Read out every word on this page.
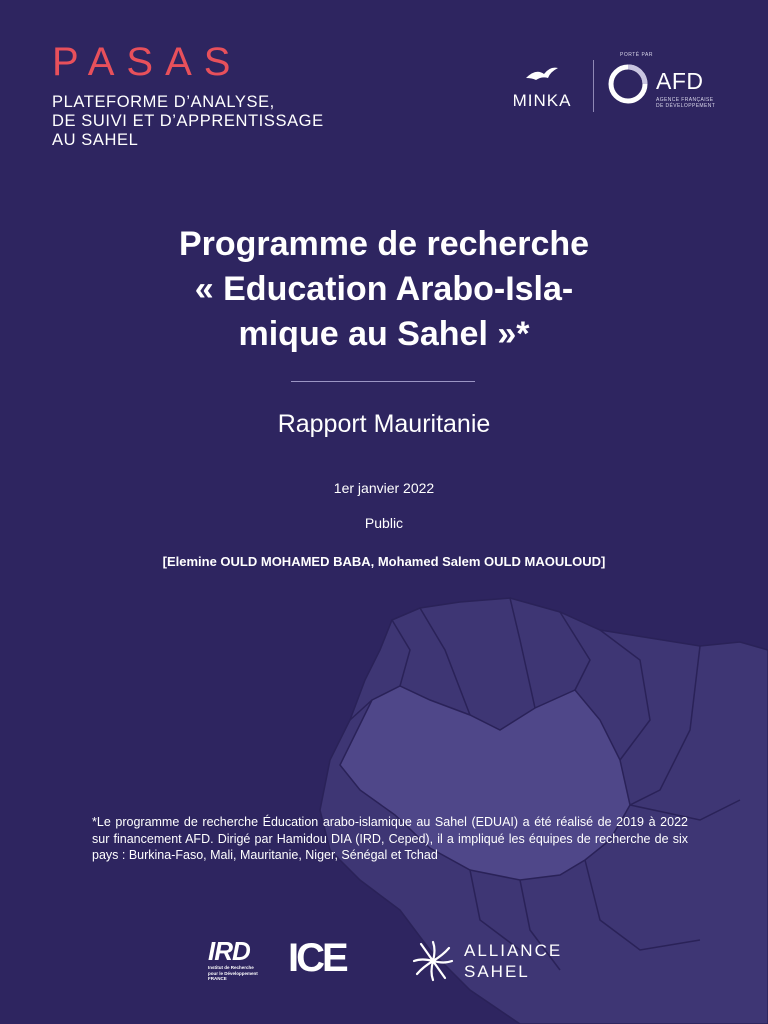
PASAS
PLATEFORME D’ANALYSE,
DE SUIVI ET D’APPRENTISSAGE
AU SAHEL
MINKA
PORTÉ PAR
AFD
AGENCE FRANÇAISE
DE DÉVELOPPEMENT
Programme de recherche
« Education Arabo-Isla-
mique au Sahel »*
Rapport Mauritanie
1er janvier 2022
Public
[Elemine OULD MOHAMED BABA, Mohamed Salem OULD MAOULOUD]
*Le programme de recherche Éducation arabo-islamique au Sahel (EDUAI) a été réalisé de 2019 à 2022 sur financement AFD. Dirigé par Hamidou DIA (IRD, Ceped), il a impliqué les équipes de recherche de six pays : Burkina-Faso, Mali, Mauritanie, Niger, Sénégal et Tchad
IRD
Institut de Recherche
pour le Développement
FRANCE	ICE	ALLIANCE
SAHEL
